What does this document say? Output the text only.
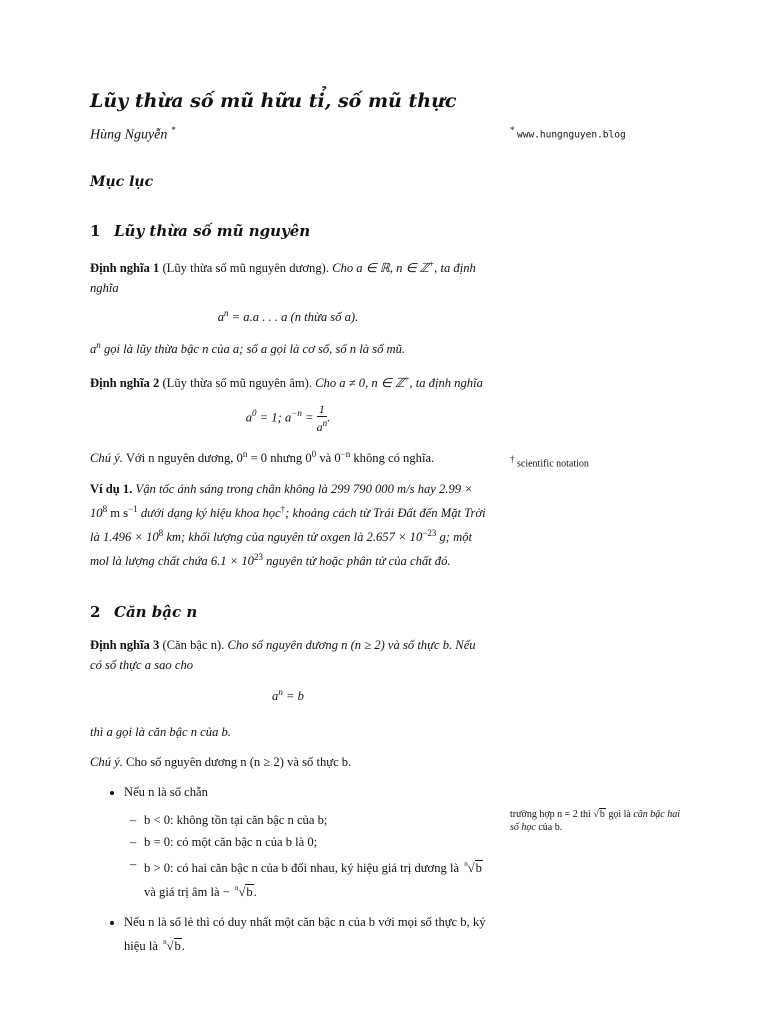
Lũy thừa số mũ hữu tỉ, số mũ thực

Hùng Nguyễn *

Mục lục
1 Lũy thừa số mũ nguyên

Định nghĩa 1 (Lũy thừa số mũ nguyên dương). Cho a ∈ ℝ, n ∈ ℤ+, ta định nghĩa

$a^n = a.a$ . . . a (n thừa số a).

$a^n$ gọi là lũy thừa bậc n của a; số a gọi là cơ số, số n là số mũ.

Định nghĩa 2 (Lũy thừa số mũ nguyên âm). Cho a ≠ 0, n ∈ ℤ+, ta định nghĩa

$a^0 = 1$; $a^{-n} = \frac{1}{a^n}$ .

Chú ý. Với n nguyên dương, $0^n = 0$ nhưng $0^0$ và $0^{-n}$ không có nghĩa.

Ví dụ 1. Vận tốc ánh sáng trong chân không là 299 790 000 m/s hay $2.99 \times 10^8$ m $s^{-1}$ dưới dạng ký hiệu khoa học†; khoảng cách từ Trái Đất đến Mặt Trời là $1.496 \times 10^8$ km; khối lượng của nguyên tử oxgen là $2.657 \times 10^{-23}$ g; một mol là lượng chất chứa $6.1 \times 10^{23}$ nguyên tử hoặc phân tử của chất đó.

2 Căn bậc n

Định nghĩa 3 (Căn bậc n). Cho số nguyên dương n (n ≥ 2) và số thực b. Nếu có số thực a sao cho

$a^n = b$

thì a gọi là căn bậc n của b.

Chú ý. Cho số nguyên dương n (n ≥ 2) và số thực b.

• Nếu n là số chẵn
– b < 0: không tồn tại căn bậc n của b;
– b = 0: có một căn bậc n của b là 0;
– b > 0: có hai căn bậc n của b đối nhau, ký hiệu giá trị dương là $^n$√b và giá trị âm là − $^n$√b.
• Nếu n là số lẻ thì có duy nhất một căn bậc n của b với mọi số thực b, ký hiệu là $^n$√b.
* www.hungnguyen.blog
† scientific notation
trường hợp n = 2 thì √b gọi là căn bậc hai số học của b.
